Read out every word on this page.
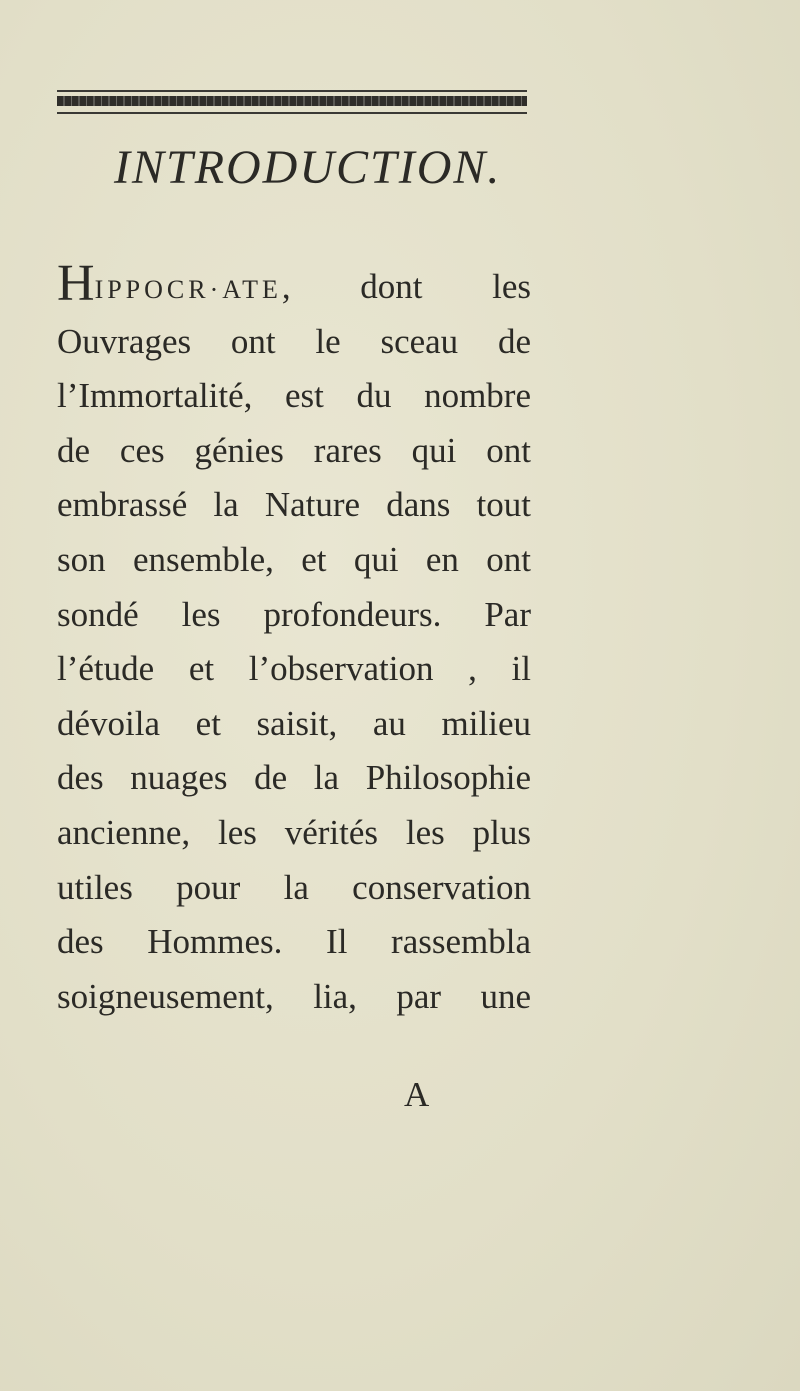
INTRODUCTION.
HIPPOCR·ATE, dont les
Ouvrages ont le sceau de
l’Immortalité, est du nombre
de ces génies rares qui ont
embrassé la Nature dans tout
son ensemble, et qui en ont
sondé les profondeurs. Par
l’étude et l’observation , il
dévoila et saisit, au milieu
des nuages de la Philosophie
ancienne, les vérités les plus
utiles pour la conservation
des Hommes. Il rassembla
soigneusement, lia, par une
A
